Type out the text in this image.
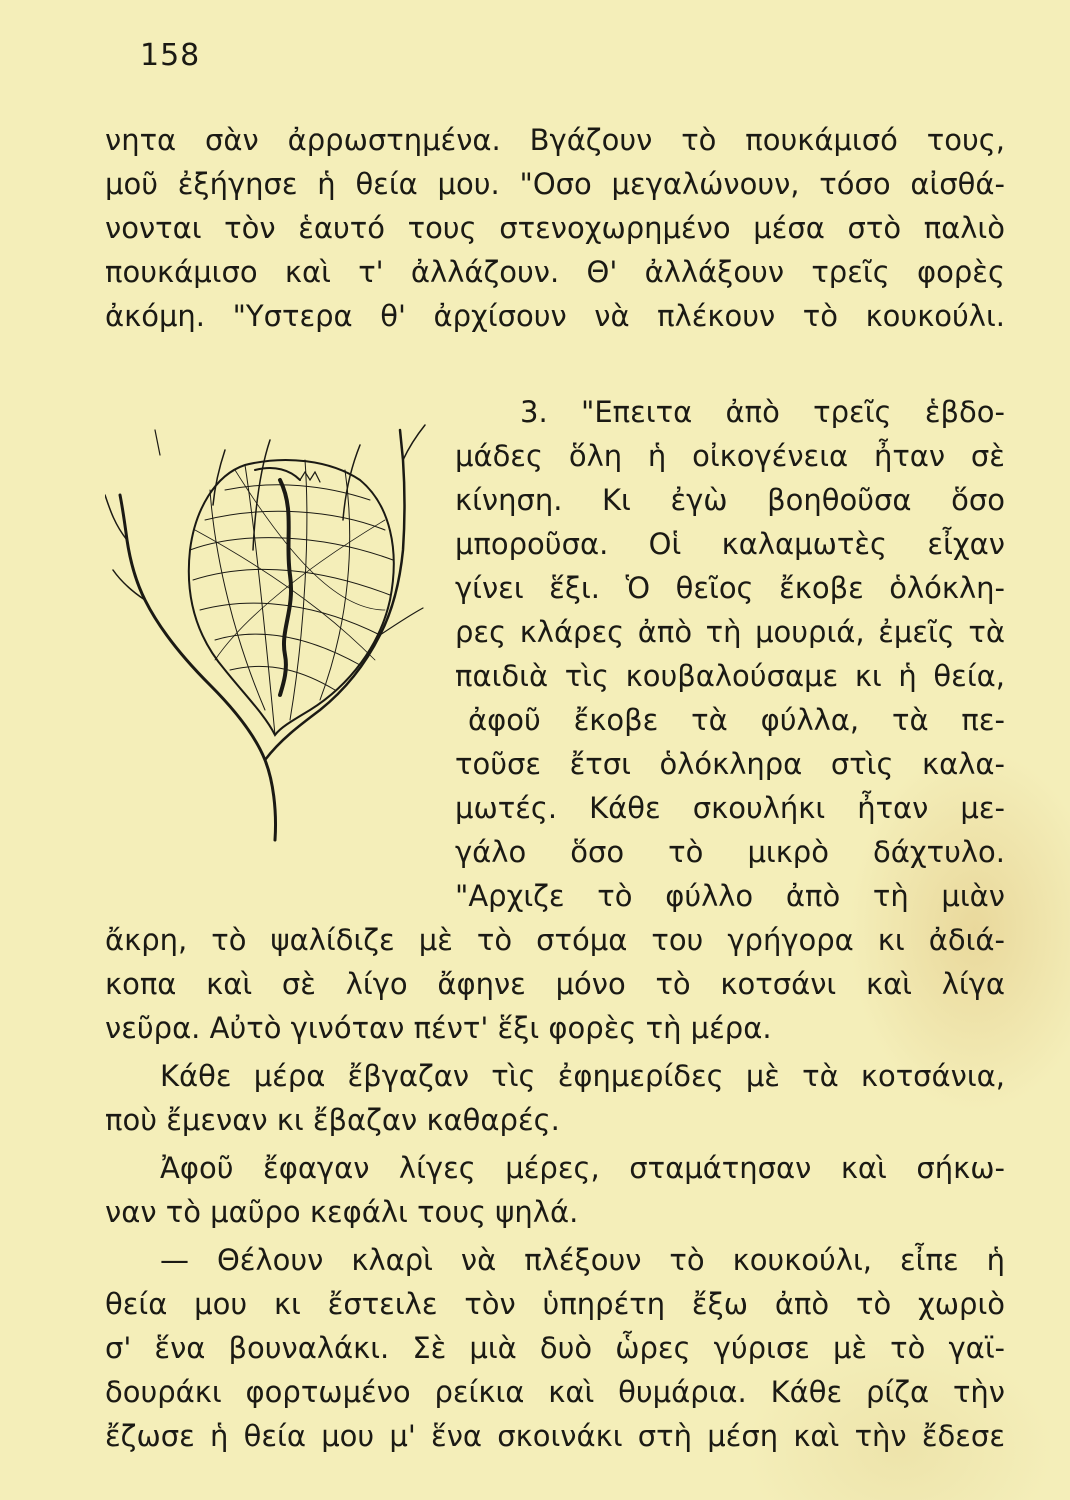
158
νητα σὰν ἀρρωστημένα. Βγάζουν τὸ πουκάμισό τους,
μοῦ ἐξήγησε ἡ θεία μου. "Οσο μεγαλώνουν, τόσο αἰσθά-
νονται τὸν ἑαυτό τους στενοχωρημένο μέσα στὸ παλιὸ
πουκάμισο καὶ τ' ἀλλάζουν. Θ' ἀλλάξουν τρεῖς φορὲς
ἀκόμη. "Υστερα θ' ἀρχίσουν νὰ πλέκουν τὸ κουκούλι.
3. "Επειτα ἀπὸ τρεῖς ἑβδο-
μάδες ὅλη ἡ οἰκογένεια ἦταν σὲ
κίνηση. Κι ἐγὼ βοηθοῦσα ὅσο
μποροῦσα. Οἱ καλαμωτὲς εἶχαν
γίνει ἕξι. Ὁ θεῖος ἔκοβε ὁλόκλη-
ρες κλάρες ἀπὸ τὴ μουριά, ἐμεῖς τὰ
παιδιὰ τὶς κουβαλούσαμε κι ἡ θεία,
ἀφοῦ ἔκοβε τὰ φύλλα, τὰ πε-
τοῦσε ἔτσι ὁλόκληρα στὶς καλα-
μωτές. Κάθε σκουλήκι ἦταν με-
γάλο ὅσο τὸ μικρὸ δάχτυλο.
"Αρχιζε τὸ φύλλο ἀπὸ τὴ μιὰν
ἄκρη, τὸ ψαλίδιζε μὲ τὸ στόμα του γρήγορα κι ἀδιά-
κοπα καὶ σὲ λίγο ἄφηνε μόνο τὸ κοτσάνι καὶ λίγα
νεῦρα. Αὐτὸ γινόταν πέντ' ἕξι φορὲς τὴ μέρα.
Κάθε μέρα ἔβγαζαν τὶς ἐφημερίδες μὲ τὰ κοτσάνια,
ποὺ ἔμεναν κι ἔβαζαν καθαρές.
Ἀφοῦ ἔφαγαν λίγες μέρες, σταμάτησαν καὶ σήκω-
ναν τὸ μαῦρο κεφάλι τους ψηλά.
— Θέλουν κλαρὶ νὰ πλέξουν τὸ κουκούλι, εἶπε ἡ
θεία μου κι ἔστειλε τὸν ὑπηρέτη ἔξω ἀπὸ τὸ χωριὸ
σ' ἕνα βουναλάκι. Σὲ μιὰ δυὸ ὧρες γύρισε μὲ τὸ γαϊ-
δουράκι φορτωμένο ρείκια καὶ θυμάρια. Κάθε ρίζα τὴν
ἔζωσε ἡ θεία μου μ' ἕνα σκοινάκι στὴ μέση καὶ τὴν ἔδεσε
